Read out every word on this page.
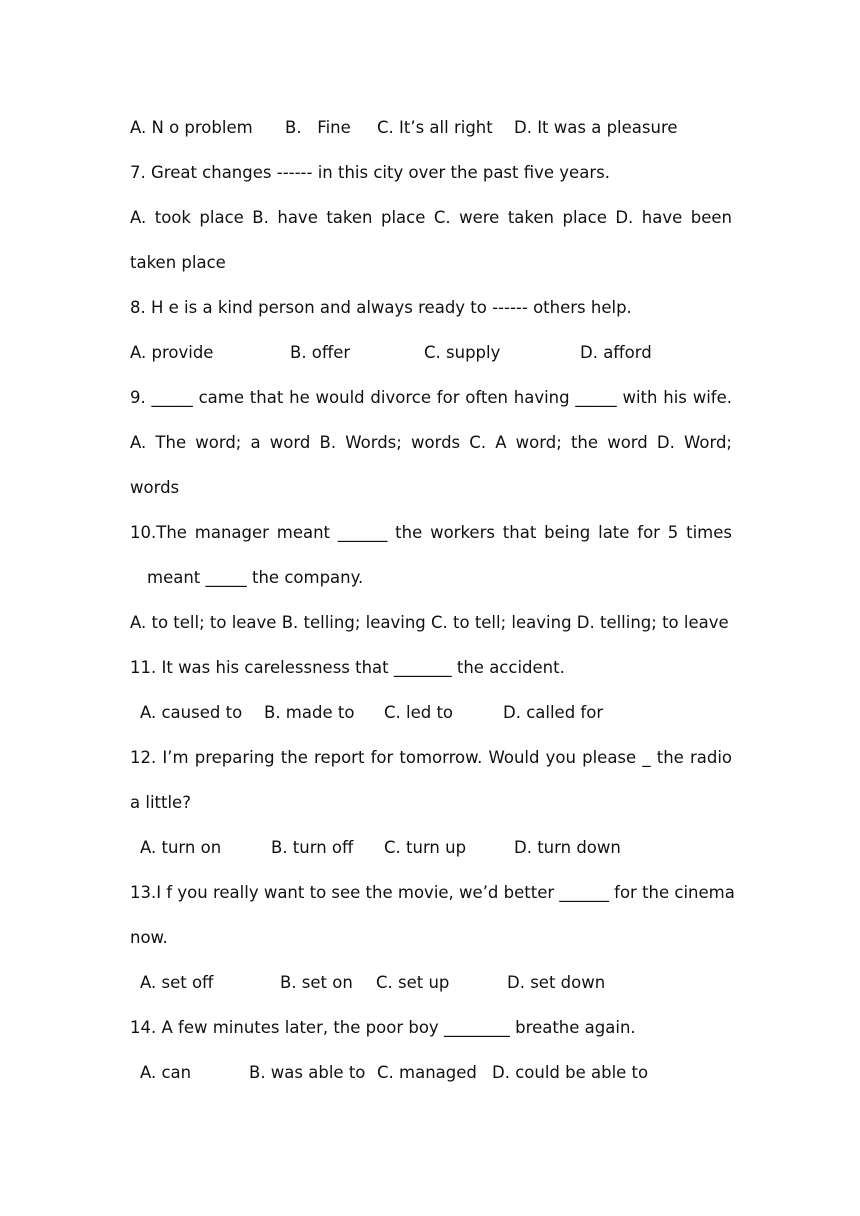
A. N o problem B.   Fine C. It’s all right D. It was a pleasure
7. Great changes ------ in this city over the past five years.
A. took place B. have taken place C. were taken place D. have been
taken place
8. H e is a kind person and always ready to ------ others help.
A. provide	B. offer	C. supply	D. afford
9. _____ came that he would divorce for often having _____ with his wife.
A. The word; a word B. Words; words C. A word; the word D. Word;
words
10.The manager meant ______ the workers that being late for 5 times
meant _____ the company.
A. to tell; to leave B. telling; leaving C. to tell; leaving D. telling; to leave
11. It was his carelessness that _______ the accident.
A. caused to B. made to C. led to	D. called for
12. I’m preparing the report for tomorrow. Would you please _ the radio
a little?
A. turn on	B. turn off C. turn up	D. turn down
13.I f you really want to see the movie, we’d better ______ for the cinema
now.
A. set off	B. set on C. set up	D. set down
14. A few minutes later, the poor boy ________ breathe again.
A. can	B. was able to C. managed D. could be able to
